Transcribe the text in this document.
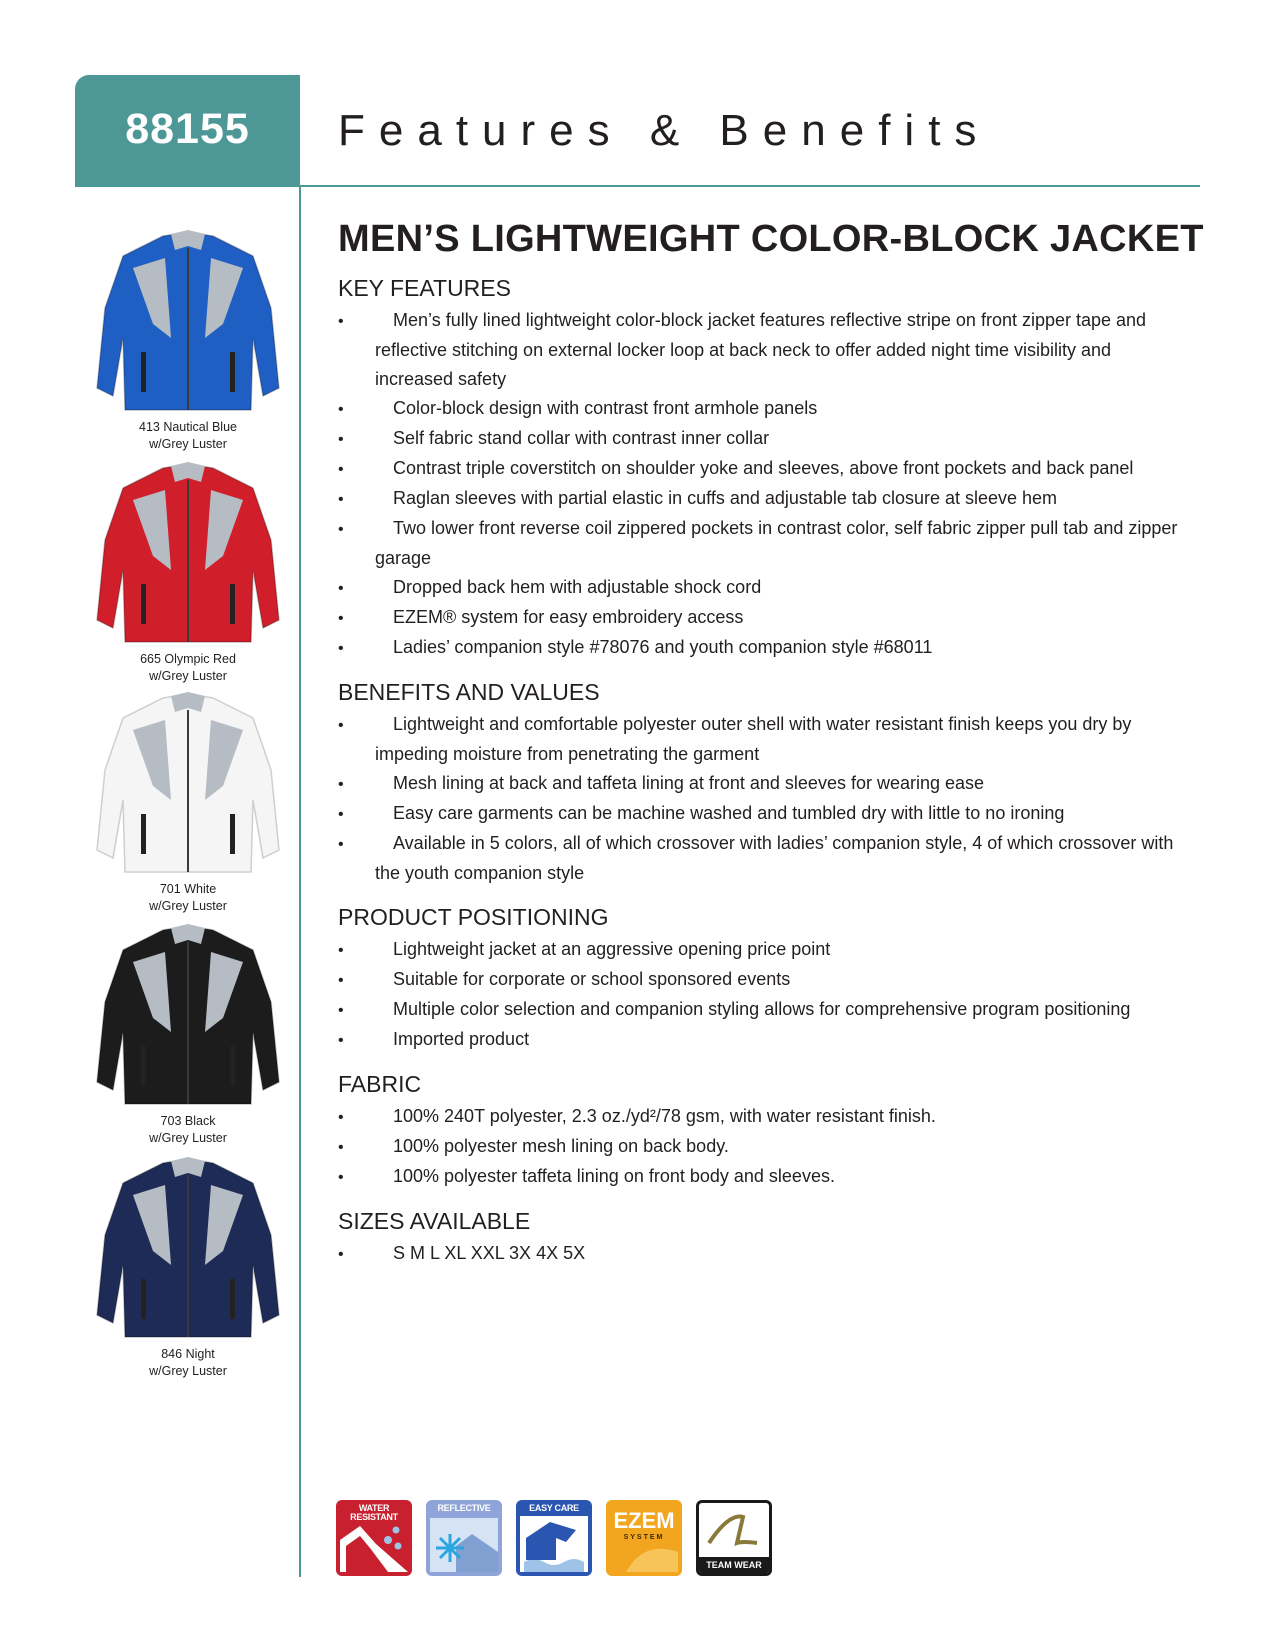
88155	Features & Benefits
413 Nautical Blue
w/Grey Luster
665 Olympic Red
w/Grey Luster
701 White
w/Grey Luster
703 Black
w/Grey Luster
846 Night
w/Grey Luster
MEN’S LIGHTWEIGHT COLOR-BLOCK JACKET
KEY FEATURES
•	Men’s fully lined lightweight color-block jacket features reflective stripe on front zipper tape and reflective stitching on external locker loop at back neck to offer added night time visibility and increased safety
•	Color-block design with contrast front armhole panels
•	Self fabric stand collar with contrast inner collar
•	Contrast triple coverstitch on shoulder yoke and sleeves, above front pockets and back panel
•	Raglan sleeves with partial elastic in cuffs and adjustable tab closure at sleeve hem
•	Two lower front reverse coil zippered pockets in contrast color, self fabric zipper pull tab and zipper garage
•	Dropped back hem with adjustable shock cord
•	EZEM® system for easy embroidery access
•	Ladies’ companion style #78076 and youth companion style #68011
BENEFITS AND VALUES
•	Lightweight and comfortable polyester outer shell with water resistant finish keeps you dry by impeding moisture from penetrating the garment
•	Mesh lining at back and taffeta lining at front and sleeves for wearing ease
•	Easy care garments can be machine washed and tumbled dry with little to no ironing
•	Available in 5 colors, all of which crossover with ladies’ companion style, 4 of which crossover with the youth companion style
PRODUCT POSITIONING
•	Lightweight jacket at an aggressive opening price point
•	Suitable for corporate or school sponsored events
•	Multiple color selection and companion styling allows for comprehensive program positioning
•	Imported product
FABRIC
•	100% 240T polyester, 2.3 oz./yd²/78 gsm, with water resistant finish.
•	100% polyester mesh lining on back body.
•	100% polyester taffeta lining on front body and sleeves.
SIZES AVAILABLE
•	S M L XL XXL 3X 4X 5X
WATER RESISTANT
REFLECTIVE	EASY CARE	EZEM
SYSTEM
TEAM WEAR
